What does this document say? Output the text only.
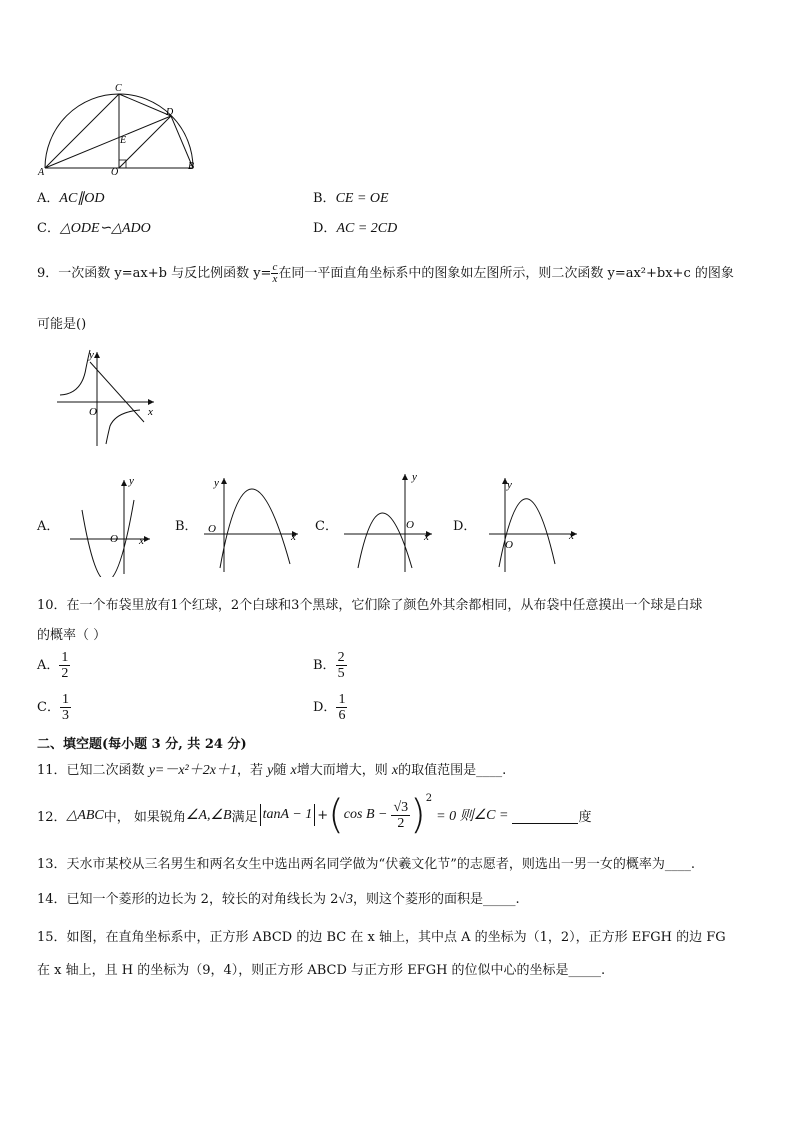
C
D
E
A	O
B
A．AC∥OD	B．CE = OE
C．△ODE∽△ADO	D．AC = 2CD
9．一次函数 y=ax+b 与反比例函数 $y= \frac{c}{x}$ 在同一平面直角坐标系中的图象如左图所示，则二次函数 y=ax²+bx+c 的图象
可能是()
y
x
O
A．	B．	C．	D．
y
x
O
y
x
O
y
x
O
y
x
O
10．在一个布袋里放有1个红球，2个白球和3个黑球，它们除了颜色外其余都相同，从布袋中任意摸出一个球是白球
的概率（ ）
A． $\frac{1}{2}$	B． $\frac{2}{5}$
C． $\frac{1}{3}$	D． $\frac{1}{6}$
二、填空题(每小题 3 分, 共 24 分)
11．已知二次函数 y=－x²＋2x＋1，若 y随 x增大而增大，则 x的取值范围是____.
12． △ABC 中， 如果锐角 ∠A,∠B 满足 tanA − 1 + ( $\cos B - \frac{√3}{2} )^2$
= 0 则 ∠C =	度
13．天水市某校从三名男生和两名女生中选出两名同学做为“伏羲文化节”的志愿者，则选出一男一女的概率为____.
14．已知一个菱形的边长为 2，较长的对角线长为 2√3，则这个菱形的面积是_____.
15．如图，在直角坐标系中，正方形 ABCD 的边 BC 在 x 轴上，其中点 A 的坐标为（1，2），正方形 EFGH 的边 FG
在 x 轴上，且 H 的坐标为（9，4），则正方形 ABCD 与正方形 EFGH 的位似中心的坐标是_____.
